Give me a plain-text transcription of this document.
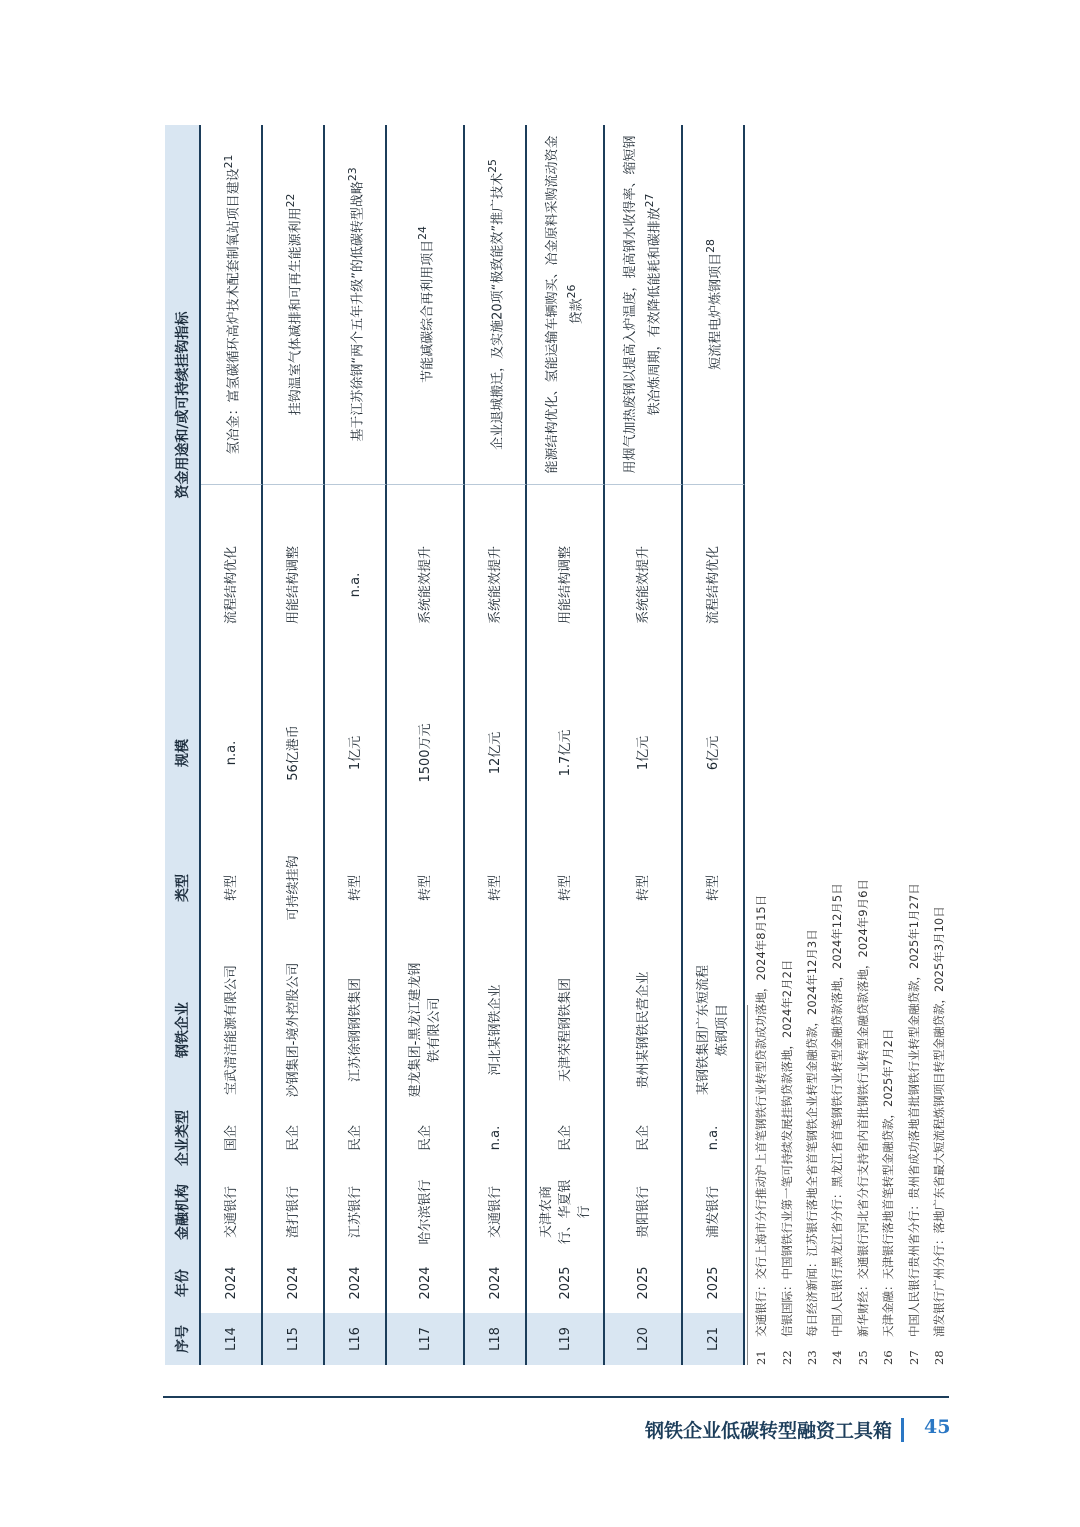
序号	年份	金融机构	企业类型	钢铁企业	类型	规模	资金用途和/或可持续挂钩指标	
L14	2024	交通银行	国企	宝武清洁能源有限公司	转型	n.a.	流程结构优化	氢冶金：富氢碳循环高炉技术配套制氧站项目建设$^{21}$
L15	2024	渣打银行	民企	沙钢集团-境外控股公司	可持续挂钩	56亿港币	用能结构调整	挂钩温室气体减排和可再生能源利用$^{22}$
L16	2024	江苏银行	民企	江苏徐钢钢铁集团	转型	1亿元	n.a.	基于江苏徐钢“两个五年升级”的低碳转型战略$^{23}$
L17	2024	哈尔滨银行	民企	建龙集团-黑龙江建龙钢铁有限公司	转型	1500万元	系统能效提升	节能减碳综合再利用项目$^{24}$
L18	2024	交通银行	n.a.	河北某钢铁企业	转型	12亿元	系统能效提升	企业退城搬迁，及实施20项“极致能效”推广技术$^{25}$
L19	2025	天津农商行、华夏银行	民企	天津荣程钢铁集团	转型	1.7亿元	用能结构调整	能源结构优化、氢能运输车辆购买、冶金原料采购流动资金贷款$^{26}$
L20	2025	贵阳银行	民企	贵州某钢铁民营企业	转型	1亿元	系统能效提升	用烟气加热废钢以提高入炉温度，提高钢水收得率、缩短钢铁冶炼周期，有效降低能耗和碳排放$^{27}$
L21	2025	浦发银行	n.a.	某钢铁集团广东短流程炼钢项目	转型	6亿元	流程结构优化	短流程电炉炼钢项目$^{28}$
21交通银行：交行上海市分行推动沪上首笔钢铁行业转型贷款成功落地，2024年8月15日
22信银国际：中国钢铁行业第一笔可持续发展挂钩贷款落地，2024年2月2日
23每日经济新闻：江苏银行落地全省首笔钢铁企业转型金融贷款，2024年12月3日
24中国人民银行黑龙江省分行：黑龙江省首笔钢铁行业转型金融贷款落地，2024年12月5日
25新华财经：交通银行河北省分行支持省内首批钢铁行业转型金融贷款落地，2024年9月6日
26天津金融：天津银行落地首笔转型金融贷款，2025年7月2日
27中国人民银行贵州省分行：贵州省成功落地首批钢铁行业转型金融贷款，2025年1月27日
28浦发银行广州分行：落地广东省最大短流程炼钢项目转型金融贷款，2025年3月10日
钢铁企业低碳转型融资工具箱 45
